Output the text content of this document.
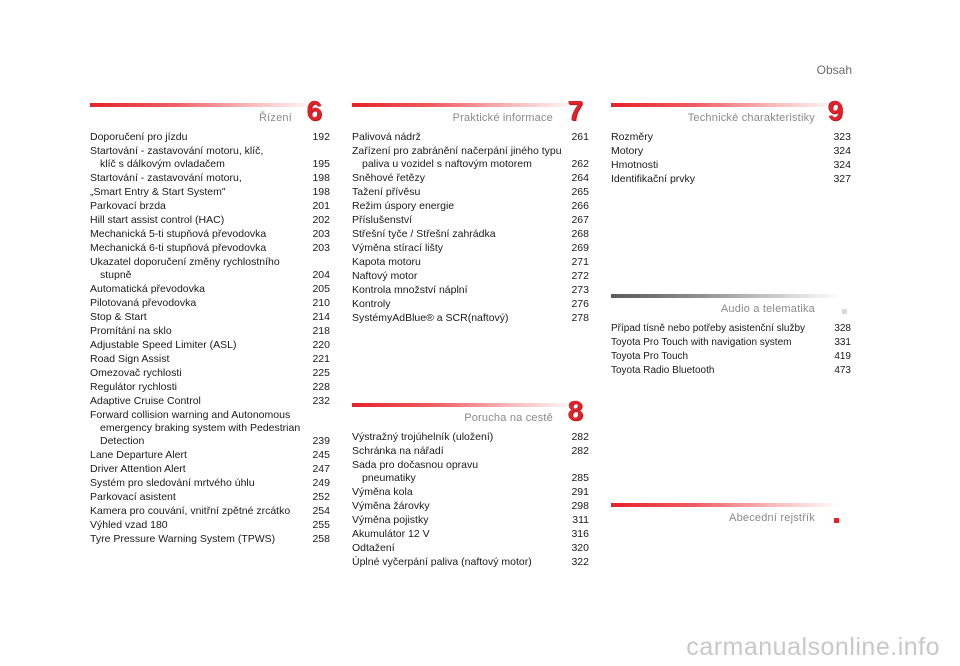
Obsah
Řízení 6
Doporučení pro jízdu	192
Startování - zastavování motoru, klíč,
klíč s dálkovým ovladačem	195
Startování - zastavování motoru,	198
„Smart Entry & Start System"	198
Parkovací brzda	201
Hill start assist control (HAC)	202
Mechanická 5-ti stupňová převodovka	203
Mechanická 6-ti stupňová převodovka	203
Ukazatel doporučení změny rychlostního
stupně	204
Automatická převodovka	205
Pilotovaná převodovka	210
Stop & Start	214
Promítání na sklo	218
Adjustable Speed Limiter (ASL)	220
Road Sign Assist	221
Omezovač rychlosti	225
Regulátor rychlosti	228
Adaptive Cruise Control	232
Forward collision warning and Autonomous
emergency braking system with Pedestrian
Detection	239
Lane Departure Alert	245
Driver Attention Alert	247
Systém pro sledování mrtvého úhlu	249
Parkovací asistent	252
Kamera pro couvání, vnitřní zpětné zrcátko	254
Výhled vzad 180	255
Tyre Pressure Warning System (TPWS)	258
Praktické informace 7
Palivová nádrž	261
Zařízení pro zabránění načerpání jiného typu
paliva u vozidel s naftovým motorem	262
Sněhové řetězy	264
Tažení přívěsu	265
Režim úspory energie	266
Příslušenství	267
Střešní tyče / Střešní zahrádka	268
Výměna stírací lišty	269
Kapota motoru	271
Naftový motor	272
Kontrola množství náplní	273
Kontroly	276
SystémyAdBlue® a SCR(naftový)	278
Porucha na cestě 8
Výstražný trojúhelník (uložení)	282
Schránka na nářadí	282
Sada pro dočasnou opravu
pneumatiky	285
Výměna kola	291
Výměna žárovky	298
Výměna pojistky	311
Akumulátor 12 V	316
Odtažení	320
Úplné vyčerpání paliva (naftový motor)	322
Technické charakteristiky 9
Rozměry	323
Motory	324
Hmotnosti	324
Identifikační prvky	327
Audio a telematika
Případ tísně nebo potřeby asistenční služby	328
Toyota Pro Touch with navigation system	331
Toyota Pro Touch	419
Toyota Radio Bluetooth	473
Abecední rejstřík
carmanualsonline.info
